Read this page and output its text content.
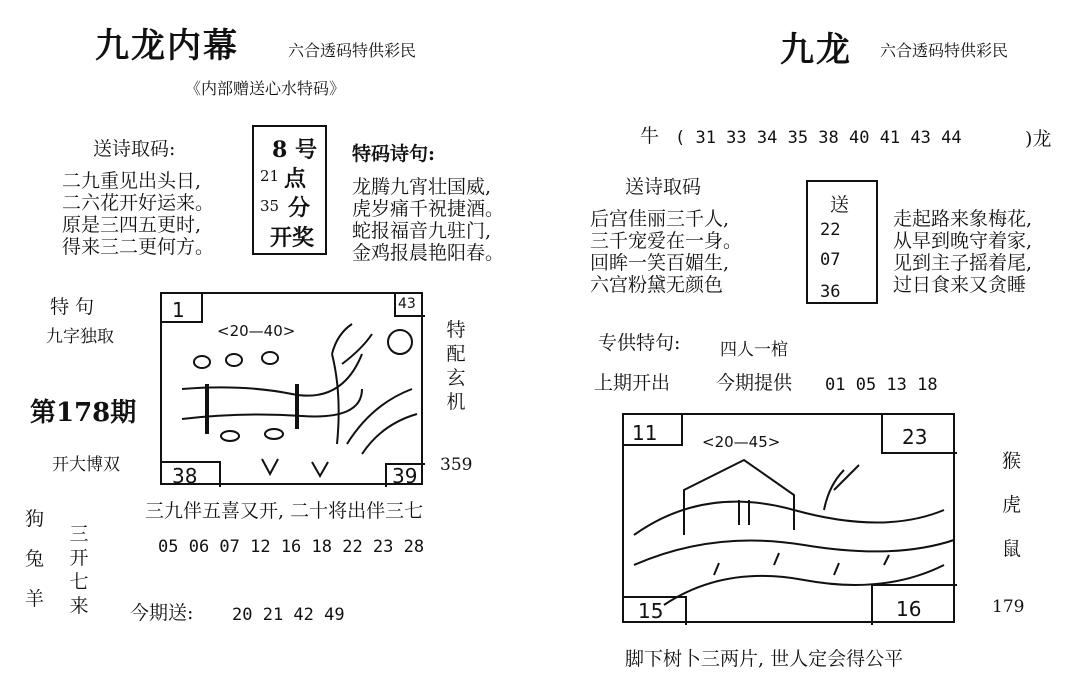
九龙内幕	六合透码特供彩民
《内部赠送心水特码》
送诗取码:
二九重见出头日,
二六花开好运来。
原是三四五更时,
得来三二更何方。
8 号
21 点
35 分
开奖
特码诗句:
龙腾九宵壮国威,
虎岁痛千祝捷酒。
蛇报福音九驻门,
金鸡报晨艳阳春。
特 句
九字独取
第178期
开大博双
1	43
38	39
<20—40>	特配玄机
359
三开七来
狗
兔
羊
三九伴五喜又开, 二十将出伴三七
05 06 07 12 16 18 22 23 28
今期送: 20 21 42 49
九龙 六合透码特供彩民
牛 ( 31 33 34 35 38 40 41 43 44	)龙
送诗取码
后宫佳丽三千人,
三千宠爱在一身。
回眸一笑百媚生,
六宫粉黛无颜色
送
22
07
36
走起路来象梅花,
从早到晚守着家,
见到主子摇着尾,
过日食来又贪睡
专供特句: 四人一棺
上期开出 今期提供 01 05 13 18
11	23
15	16
<20—45>
猴
虎
鼠
179
脚下树卜三两片, 世人定会得公平
